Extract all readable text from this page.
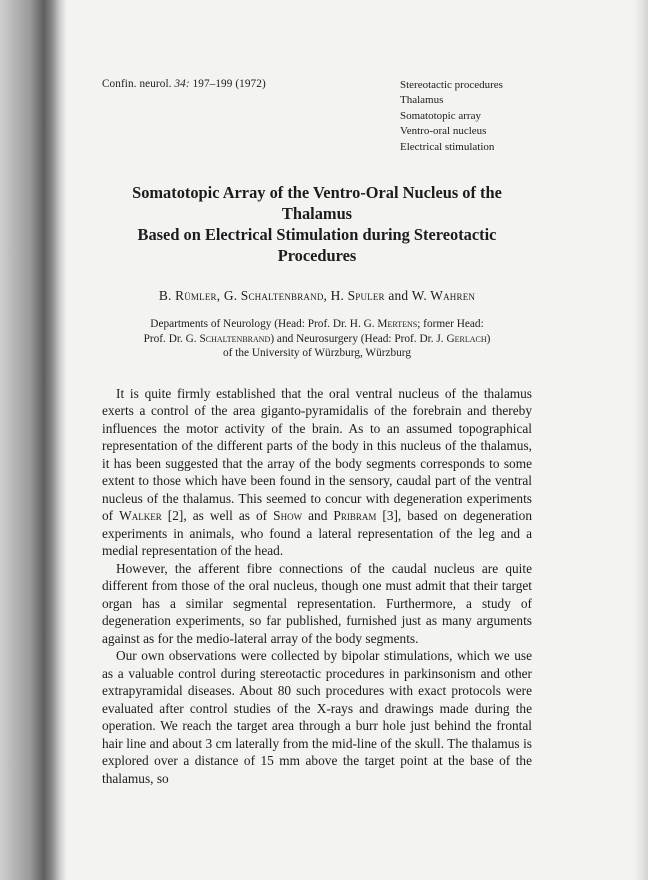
Confin. neurol. 34: 197–199 (1972)	Stereotactic procedures
Thalamus
Somatotopic array
Ventro-oral nucleus
Electrical stimulation
Somatotopic Array of the Ventro-Oral Nucleus of the Thalamus
Based on Electrical Stimulation during Stereotactic Procedures
B. Rümler, G. Schaltenbrand, H. Spuler and W. Wahren
Departments of Neurology (Head: Prof. Dr. H. G. Mertens; former Head:
Prof. Dr. G. Schaltenbrand) and Neurosurgery (Head: Prof. Dr. J. Gerlach)
of the University of Würzburg, Würzburg

It is quite firmly established that the oral ventral nucleus of the thalamus exerts a control of the area giganto-pyramidalis of the forebrain and thereby influences the motor activity of the brain. As to an assumed topographical representation of the different parts of the body in this nucleus of the thalamus, it has been suggested that the array of the body segments corresponds to some extent to those which have been found in the sensory, caudal part of the ventral nucleus of the thalamus. This seemed to concur with degeneration experiments of Walker [2], as well as of Show and Pribram [3], based on degeneration experiments in animals, who found a lateral representation of the leg and a medial representation of the head.

However, the afferent fibre connections of the caudal nucleus are quite different from those of the oral nucleus, though one must admit that their target organ has a similar segmental representation. Furthermore, a study of degeneration experiments, so far published, furnished just as many arguments against as for the medio-lateral array of the body segments.

Our own observations were collected by bipolar stimulations, which we use as a valuable control during stereotactic procedures in parkinsonism and other extrapyramidal diseases. About 80 such procedures with exact protocols were evaluated after control studies of the X-rays and drawings made during the operation. We reach the target area through a burr hole just behind the frontal hair line and about 3 cm laterally from the mid-line of the skull. The thalamus is explored over a distance of 15 mm above the target point at the base of the thalamus, so
